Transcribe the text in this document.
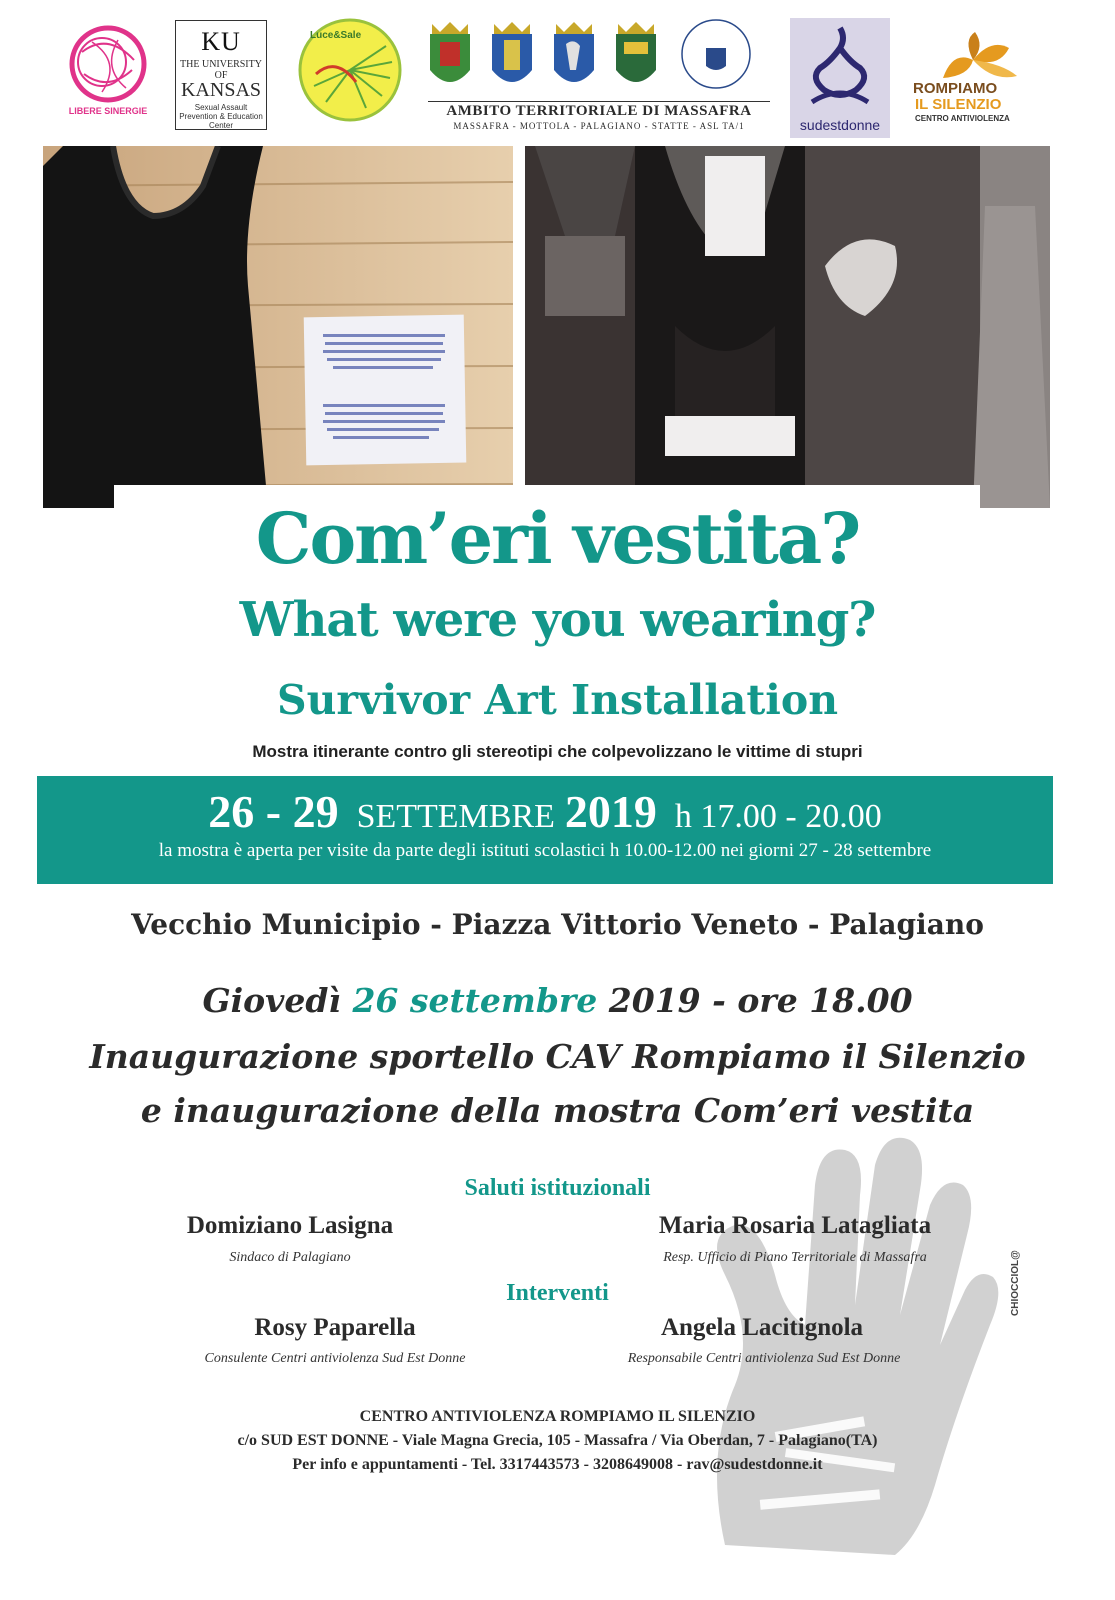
LIBERE SINERGIE
KU
THE UNIVERSITY OF
KANSAS
Sexual Assault Prevention & Education Center
Luce&Sale
AMBITO TERRITORIALE DI MASSAFRA
MASSAFRA - MOTTOLA - PALAGIANO - STATTE - ASL TA/1	sudestdonne
ROMPIAMO
IL SILENZIO
CENTRO ANTIVIOLENZA
Com’eri vestita?
What were you wearing?
Survivor Art Installation
Mostra itinerante contro gli stereotipi che colpevolizzano le vittime di stupri
26 - 29 SETTEMBRE 2019 h 17.00 - 20.00
la mostra è aperta per visite da parte degli istituti scolastici h 10.00-12.00 nei giorni 27 - 28 settembre
Vecchio Municipio - Piazza Vittorio Veneto - Palagiano
Giovedì 26 settembre 2019 - ore 18.00
Inaugurazione sportello CAV Rompiamo il Silenzio
e inaugurazione della mostra Com’eri vestita
CHIOCCIOL@
Saluti istituzionali
Domiziano Lasigna
Sindaco di Palagiano
Maria Rosaria Latagliata
Resp. Ufficio di Piano Territoriale di Massafra
Interventi
Rosy Paparella
Consulente Centri antiviolenza Sud Est Donne
Angela Lacitignola
Responsabile Centri antiviolenza Sud Est Donne
CENTRO ANTIVIOLENZA ROMPIAMO IL SILENZIO
c/o SUD EST DONNE - Viale Magna Grecia, 105 - Massafra / Via Oberdan, 7 - Palagiano(TA)
Per info e appuntamenti - Tel. 3317443573 - 3208649008 - rav@sudestdonne.it
